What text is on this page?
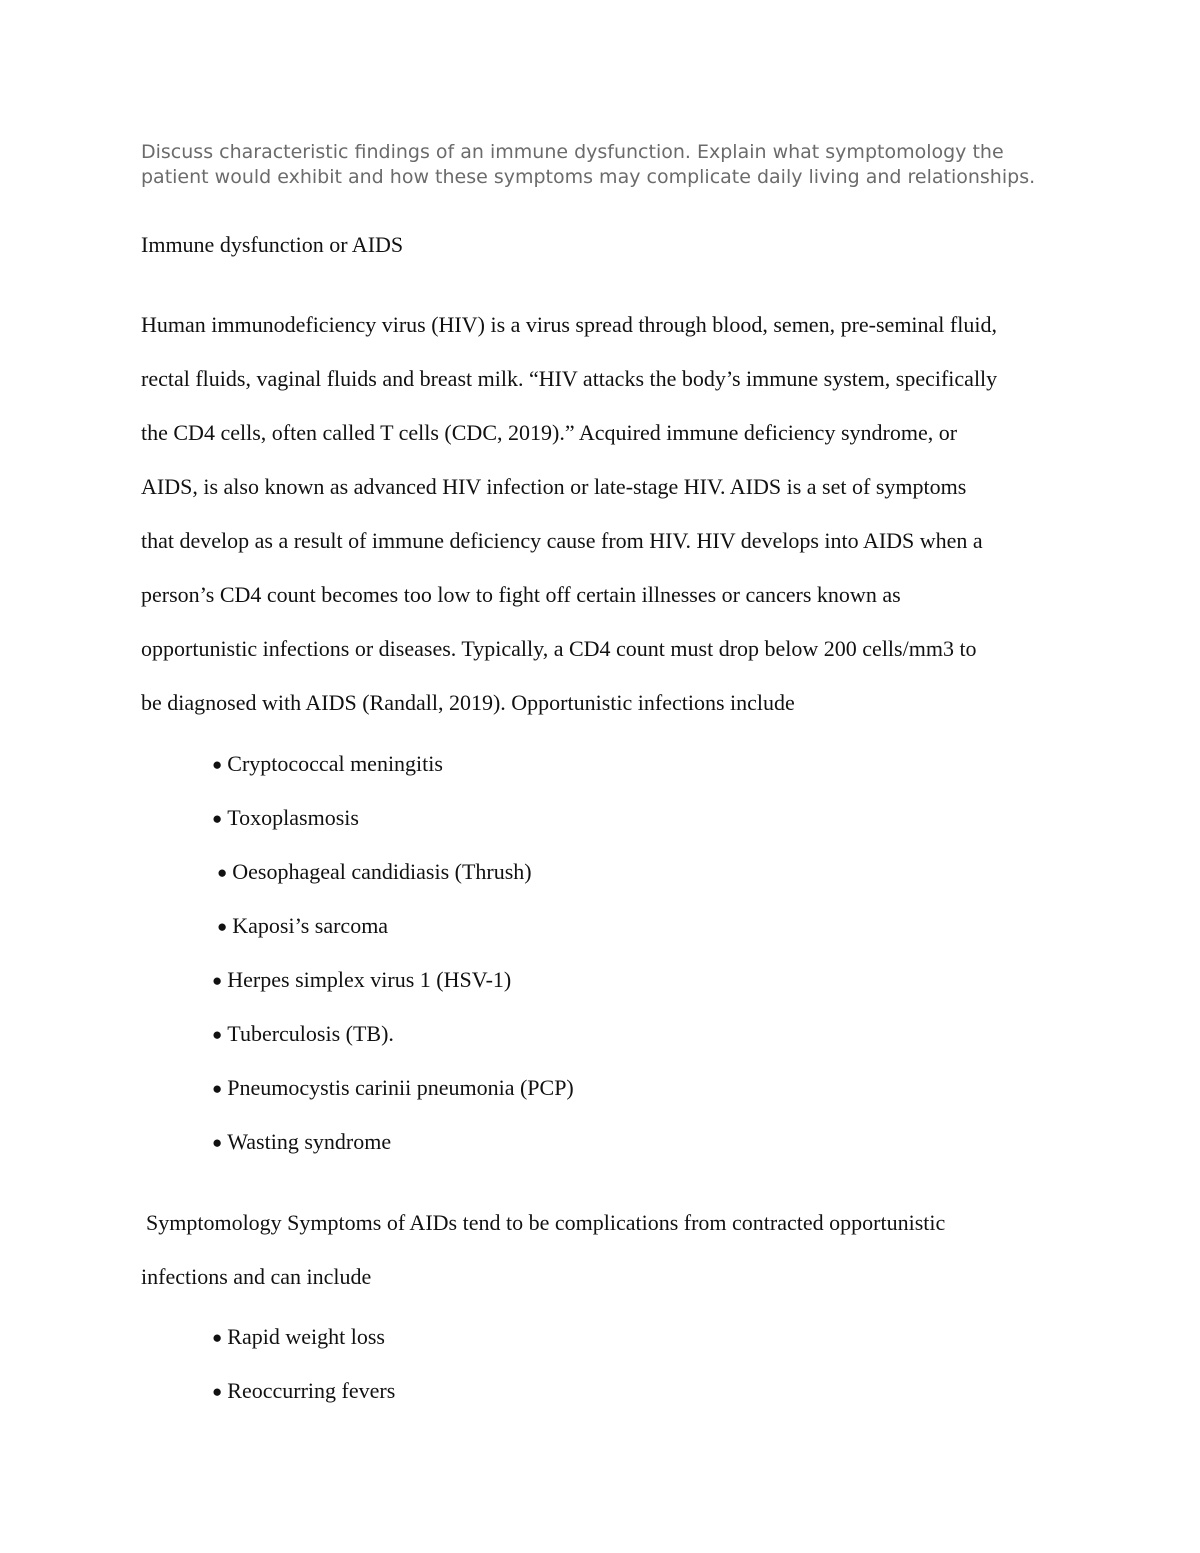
Discuss characteristic findings of an immune dysfunction. Explain what symptomology the patient would exhibit and how these symptoms may complicate daily living and relationships.

Immune dysfunction or AIDS

Human immunodeficiency virus (HIV) is a virus spread through blood, semen, pre-seminal fluid,
rectal fluids, vaginal fluids and breast milk. “HIV attacks the body’s immune system, specifically
the CD4 cells, often called T cells (CDC, 2019).” Acquired immune deficiency syndrome, or
AIDS, is also known as advanced HIV infection or late-stage HIV. AIDS is a set of symptoms
that develop as a result of immune deficiency cause from HIV. HIV develops into AIDS when a
person’s CD4 count becomes too low to fight off certain illnesses or cancers known as
opportunistic infections or diseases. Typically, a CD4 count must drop below 200 cells/mm3 to
be diagnosed with AIDS (Randall, 2019). Opportunistic infections include

● Cryptococcal meningitis
● Toxoplasmosis
● Oesophageal candidiasis (Thrush)
● Kaposi’s sarcoma
● Herpes simplex virus 1 (HSV-1)
● Tuberculosis (TB).
● Pneumocystis carinii pneumonia (PCP)
● Wasting syndrome

Symptomology Symptoms of AIDs tend to be complications from contracted opportunistic
infections and can include

● Rapid weight loss
● Reoccurring fevers
